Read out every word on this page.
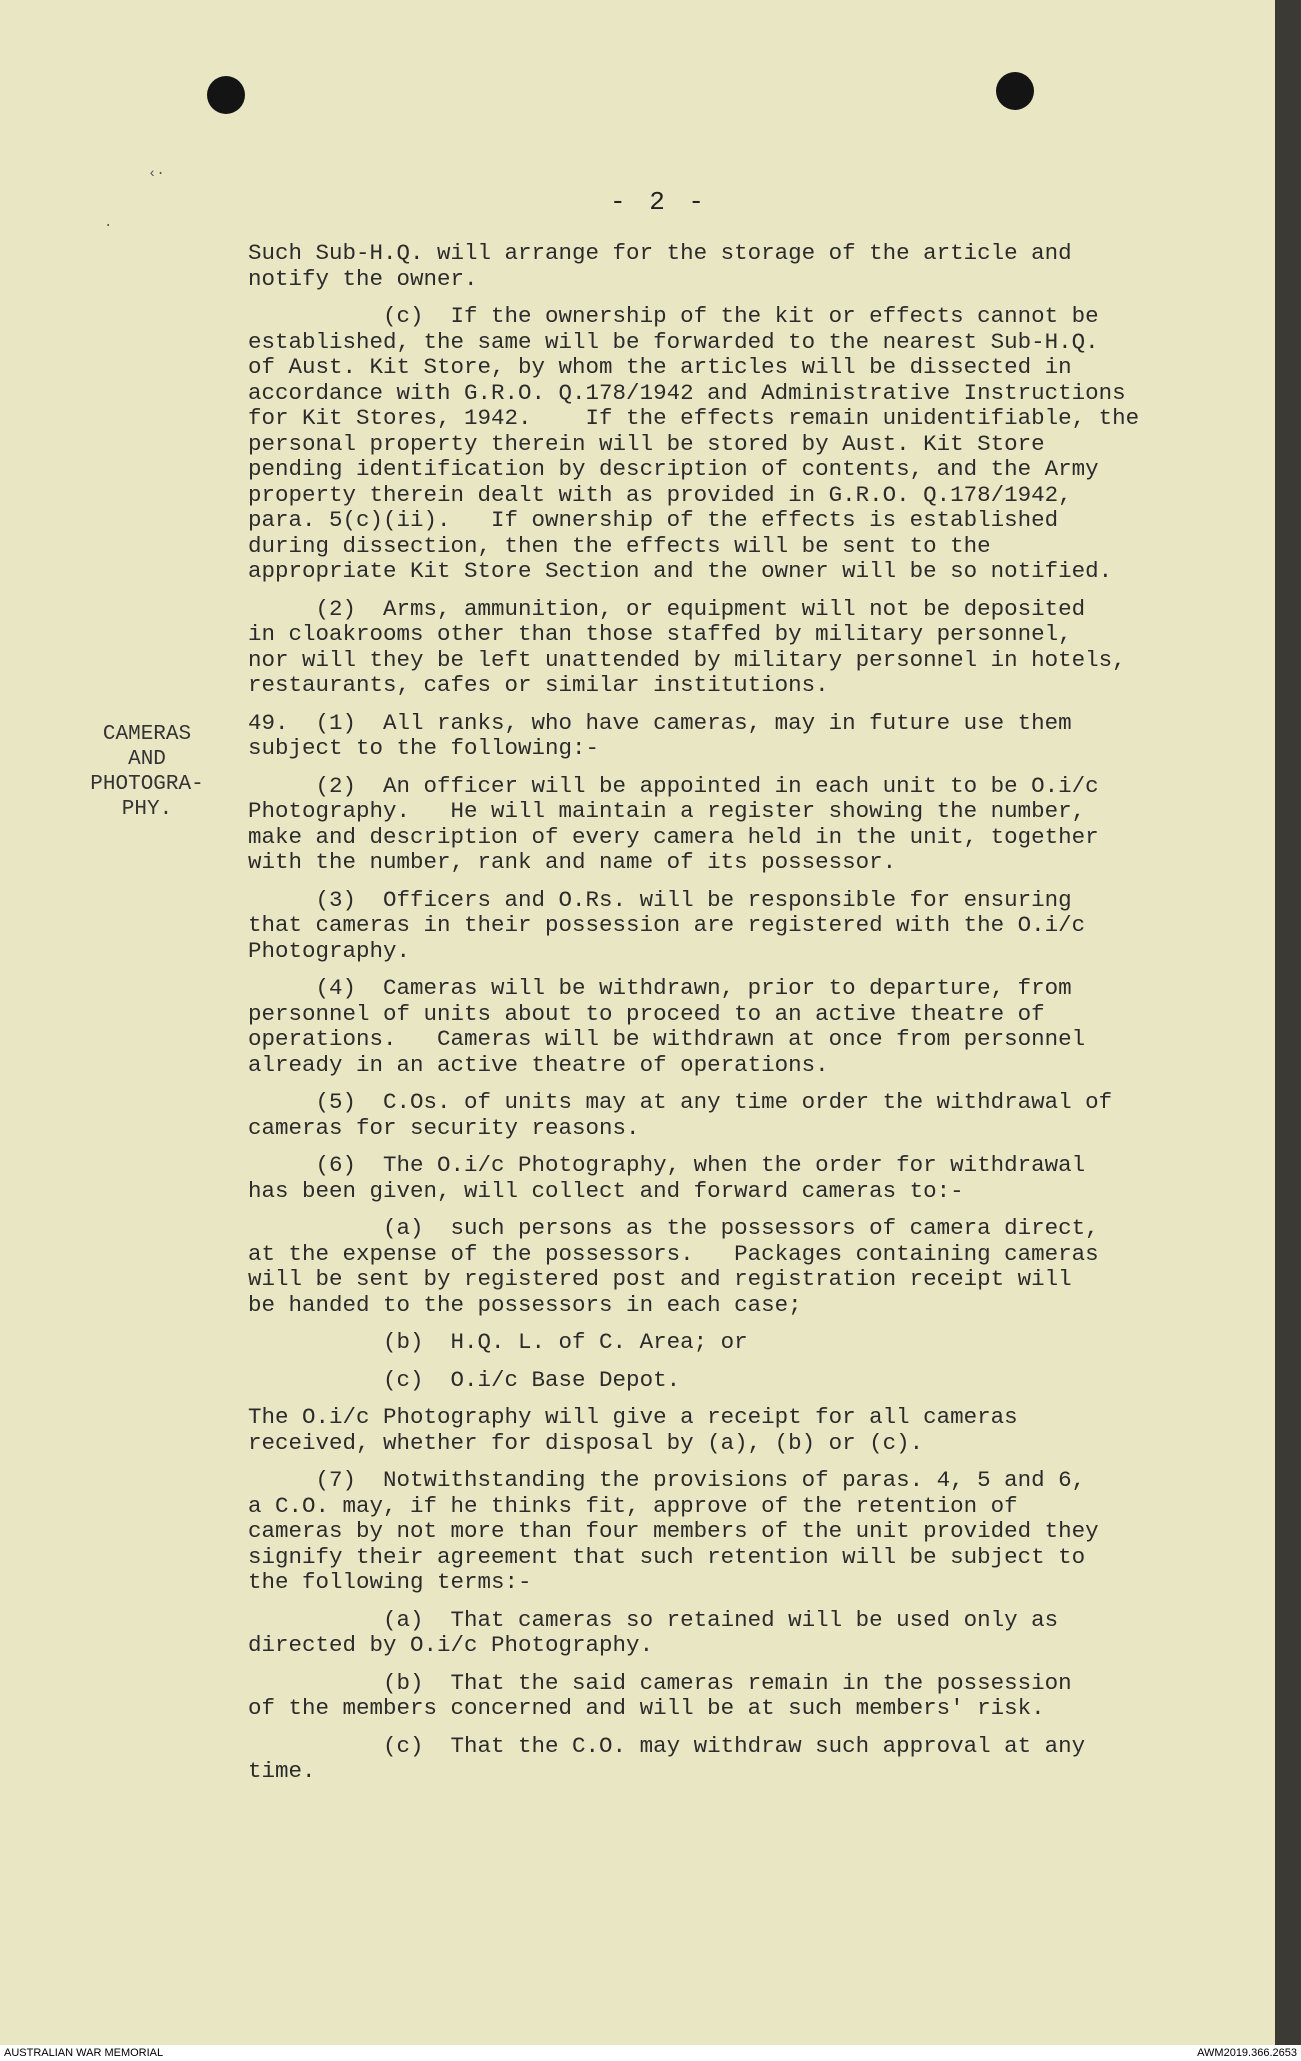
‹·
·
- 2 -
CAMERAS
AND
PHOTOGRA-
PHY.

Such Sub-H.Q. will arrange for the storage of the article and
notify the owner.
(c)  If the ownership of the kit or effects cannot be
established, the same will be forwarded to the nearest Sub-H.Q.
of Aust. Kit Store, by whom the articles will be dissected in
accordance with G.R.O. Q.178/1942 and Administrative Instructions
for Kit Stores, 1942.    If the effects remain unidentifiable, the
personal property therein will be stored by Aust. Kit Store
pending identification by description of contents, and the Army
property therein dealt with as provided in G.R.O. Q.178/1942,
para. 5(c)(ii).   If ownership of the effects is established
during dissection, then the effects will be sent to the
appropriate Kit Store Section and the owner will be so notified.
(2)  Arms, ammunition, or equipment will not be deposited
in cloakrooms other than those staffed by military personnel,
nor will they be left unattended by military personnel in hotels,
restaurants, cafes or similar institutions.
49.  (1)  All ranks, who have cameras, may in future use them
subject to the following:-
(2)  An officer will be appointed in each unit to be O.i/c
Photography.   He will maintain a register showing the number,
make and description of every camera held in the unit, together
with the number, rank and name of its possessor.
(3)  Officers and O.Rs. will be responsible for ensuring
that cameras in their possession are registered with the O.i/c
Photography.
(4)  Cameras will be withdrawn, prior to departure, from
personnel of units about to proceed to an active theatre of
operations.   Cameras will be withdrawn at once from personnel
already in an active theatre of operations.
(5)  C.Os. of units may at any time order the withdrawal of
cameras for security reasons.
(6)  The O.i/c Photography, when the order for withdrawal
has been given, will collect and forward cameras to:-
(a)  such persons as the possessors of camera direct,
at the expense of the possessors.   Packages containing cameras
will be sent by registered post and registration receipt will
be handed to the possessors in each case;
(b)  H.Q. L. of C. Area; or
(c)  O.i/c Base Depot.
The O.i/c Photography will give a receipt for all cameras
received, whether for disposal by (a), (b) or (c).
(7)  Notwithstanding the provisions of paras. 4, 5 and 6,
a C.O. may, if he thinks fit, approve of the retention of
cameras by not more than four members of the unit provided they
signify their agreement that such retention will be subject to
the following terms:-
(a)  That cameras so retained will be used only as
directed by O.i/c Photography.
(b)  That the said cameras remain in the possession
of the members concerned and will be at such members' risk.
(c)  That the C.O. may withdraw such approval at any
time.

AUSTRALIAN WAR MEMORIAL	AWM2019.366.2653
